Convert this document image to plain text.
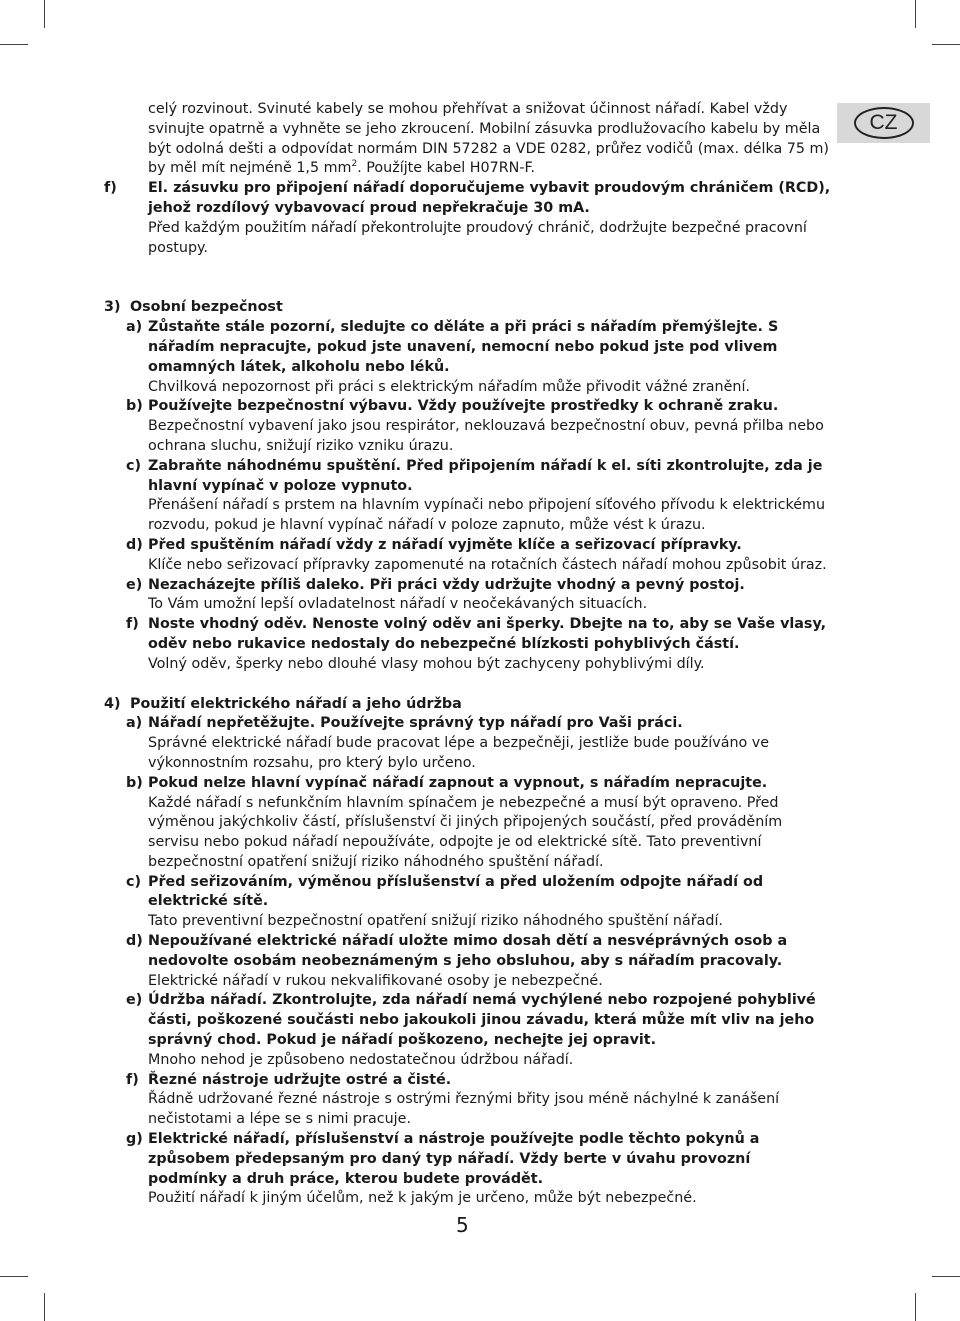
CZ

celý rozvinout. Svinuté kabely se mohou přehřívat a snižovat účinnost nářadí. Kabel vždy svinujte opatrně a vyhněte se jeho zkroucení. Mobilní zásuvka prodlužovacího kabelu by měla být odolná dešti a odpovídat normám DIN 57282 a VDE 0282, průřez vodičů (max. délka 75 m) by měl mít nejméně 1,5 $mm^2$. Použíjte kabel H07RN-F.

f)	El. zásuvku pro připojení nářadí doporučujeme vybavit proudovým chráničem (RCD), jehož rozdílový vybavovací proud nepřekračuje 30 mA.
Před každým použitím nářadí překontrolujte proudový chránič, dodržujte bezpečné pracovní postupy.
3) Osobní bezpečnost
a) Zůstaňte stále pozorní, sledujte co děláte a při práci s nářadím přemýšlejte. S nářadím nepracujte, pokud jste unavení, nemocní nebo pokud jste pod vlivem omamných látek, alkoholu nebo léků.
Chvilková nepozornost při práci s elektrickým nářadím může přivodit vážné zranění.
b) Používejte bezpečnostní výbavu. Vždy používejte prostředky k ochraně zraku.
Bezpečnostní vybavení jako jsou respirátor, neklouzavá bezpečnostní obuv, pevná přilba nebo ochrana sluchu, snižují riziko vzniku úrazu.
c) Zabraňte náhodnému spuštění. Před připojením nářadí k el. síti zkontrolujte, zda je hlavní vypínač v poloze vypnuto.
Přenášení nářadí s prstem na hlavním vypínači nebo připojení síťového přívodu k elektrickému rozvodu, pokud je hlavní vypínač nářadí v poloze zapnuto, může vést k úrazu.
d) Před spuštěním nářadí vždy z nářadí vyjměte klíče a seřizovací přípravky.
Klíče nebo seřizovací přípravky zapomenuté na rotačních částech nářadí mohou způsobit úraz.
e) Nezacházejte příliš daleko. Při práci vždy udržujte vhodný a pevný postoj.
To Vám umožní lepší ovladatelnost nářadí v neočekávaných situacích.
f) Noste vhodný oděv. Nenoste volný oděv ani šperky. Dbejte na to, aby se Vaše vlasy, oděv nebo rukavice nedostaly do nebezpečné blízkosti pohyblivých částí.
Volný oděv, šperky nebo dlouhé vlasy mohou být zachyceny pohyblivými díly.
4) Použití elektrického nářadí a jeho údržba
a) Nářadí nepřetěžujte. Používejte správný typ nářadí pro Vaši práci.
Správné elektrické nářadí bude pracovat lépe a bezpečněji, jestliže bude používáno ve výkonnostním rozsahu, pro který bylo určeno.
b) Pokud nelze hlavní vypínač nářadí zapnout a vypnout, s nářadím nepracujte.
Každé nářadí s nefunkčním hlavním spínačem je nebezpečné a musí být opraveno. Před výměnou jakýchkoliv částí, příslušenství či jiných připojených součástí, před prováděním servisu nebo pokud nářadí nepoužíváte, odpojte je od elektrické sítě. Tato preventivní bezpečnostní opatření snižují riziko náhodného spuštění nářadí.
c) Před seřizováním, výměnou příslušenství a před uložením odpojte nářadí od elektrické sítě.
Tato preventivní bezpečnostní opatření snižují riziko náhodného spuštění nářadí.
d) Nepoužívané elektrické nářadí uložte mimo dosah dětí a nesvéprávných osob a nedovolte osobám neobeznámeným s jeho obsluhou, aby s nářadím pracovaly.
Elektrické nářadí v rukou nekvalifikované osoby je nebezpečné.
e) Údržba nářadí. Zkontrolujte, zda nářadí nemá vychýlené nebo rozpojené pohyblivé části, poškozené součásti nebo jakoukoli jinou závadu, která může mít vliv na jeho správný chod. Pokud je nářadí poškozeno, nechejte jej opravit.
Mnoho nehod je způsobeno nedostatečnou údržbou nářadí.
f) Řezné nástroje udržujte ostré a čisté.
Řádně udržované řezné nástroje s ostrými řeznými břity jsou méně náchylné k zanášení nečistotami a lépe se s nimi pracuje.
g) Elektrické nářadí, příslušenství a nástroje používejte podle těchto pokynů a způsobem předepsaným pro daný typ nářadí. Vždy berte v úvahu provozní podmínky a druh práce, kterou budete provádět.
Použití nářadí k jiným účelům, než k jakým je určeno, může být nebezpečné.
5
